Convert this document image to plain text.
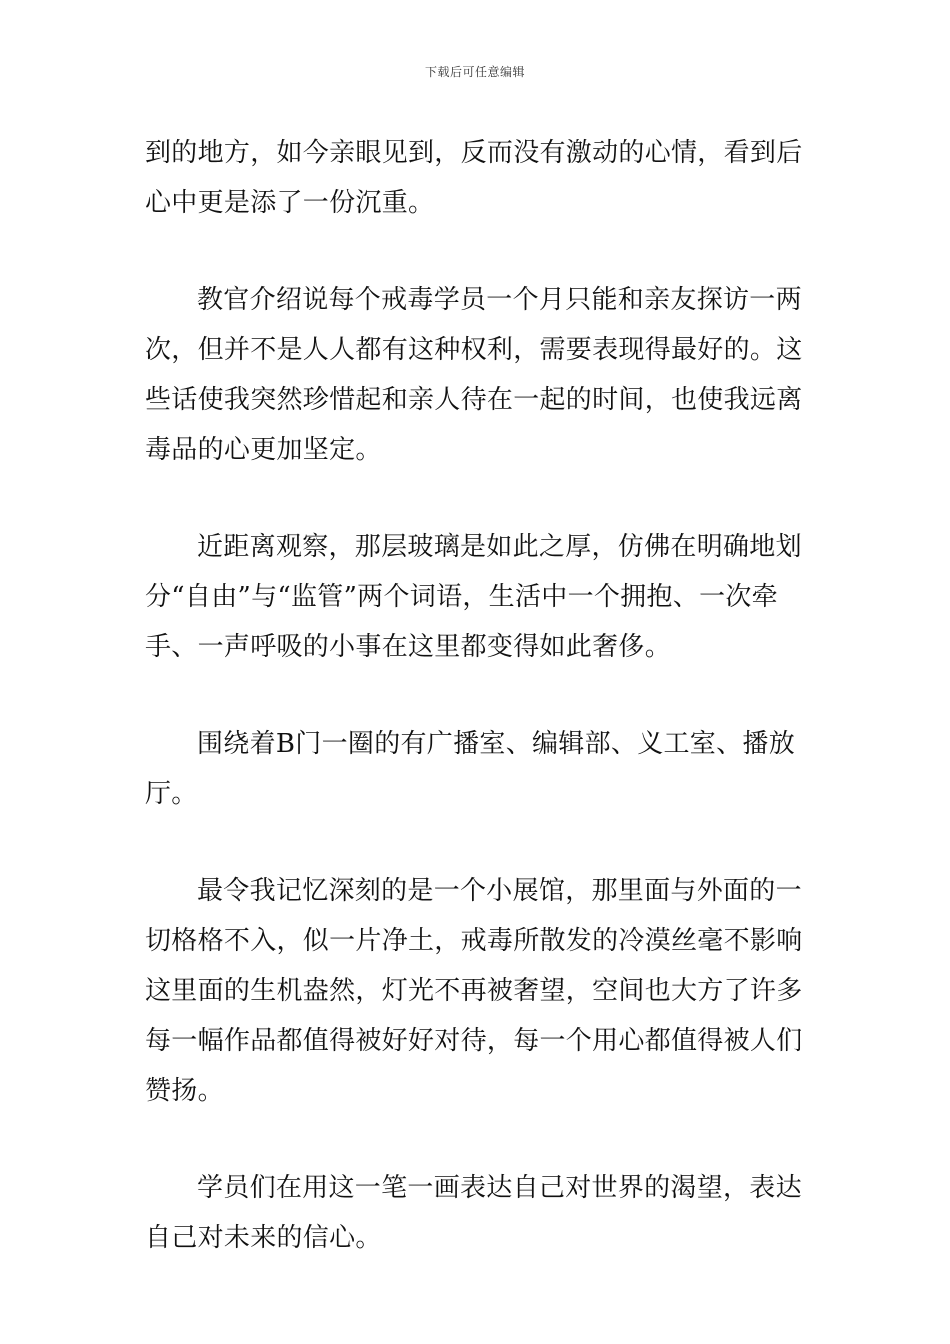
下载后可任意编辑

到的地方，如今亲眼见到，反而没有激动的心情，看到后心中更是添了一份沉重。

教官介绍说每个戒毒学员一个月只能和亲友探访一两次，但并不是人人都有这种权利，需要表现得最好的。这些话使我突然珍惜起和亲人待在一起的时间，也使我远离毒品的心更加坚定。

近距离观察，那层玻璃是如此之厚，仿佛在明确地划分“自由”与“监管”两个词语，生活中一个拥抱、一次牵手、一声呼吸的小事在这里都变得如此奢侈。

围绕着B门一圈的有广播室、编辑部、义工室、播放厅。

最令我记忆深刻的是一个小展馆，那里面与外面的一切格格不入，似一片净土，戒毒所散发的冷漠丝毫不影响这里面的生机盎然，灯光不再被奢望，空间也大方了许多每一幅作品都值得被好好对待，每一个用心都值得被人们赞扬。

学员们在用这一笔一画表达自己对世界的渴望，表达自己对未来的信心。
